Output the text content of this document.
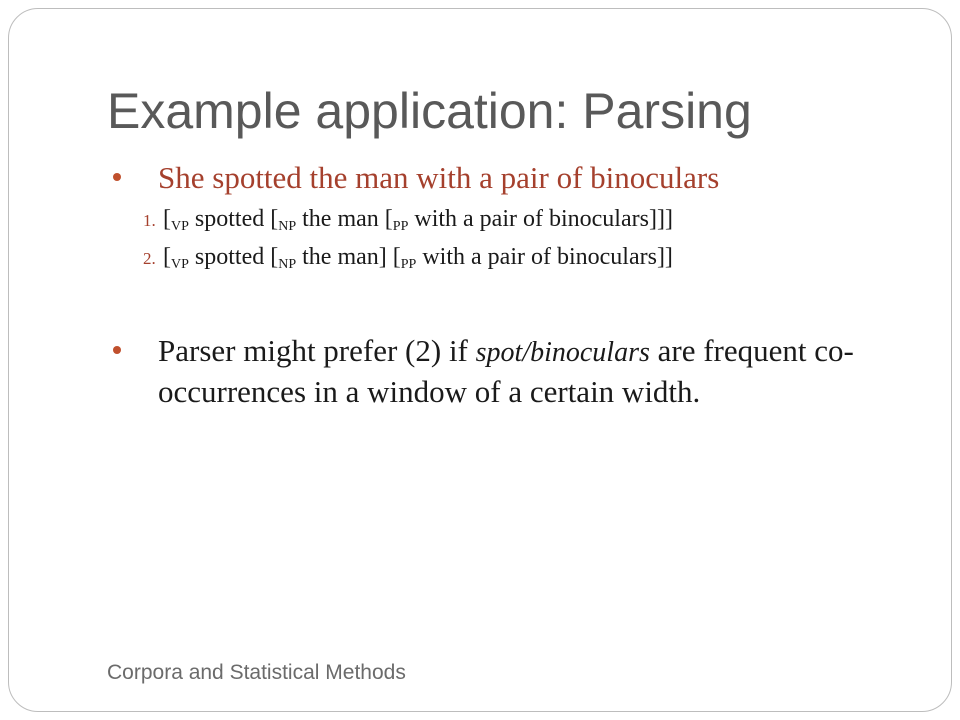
Example application: Parsing
She spotted the man with a pair of binoculars
1. [$_{VP}$ spotted [$_{NP}$ the man [$_{PP}$ with a pair of binoculars]]]
2. [$_{VP}$ spotted [$_{NP}$ the man] [$_{PP}$ with a pair of binoculars]]
Parser might prefer (2) if spot/binoculars are frequent co-
occurrences in a window of a certain width.
Corpora and Statistical Methods
